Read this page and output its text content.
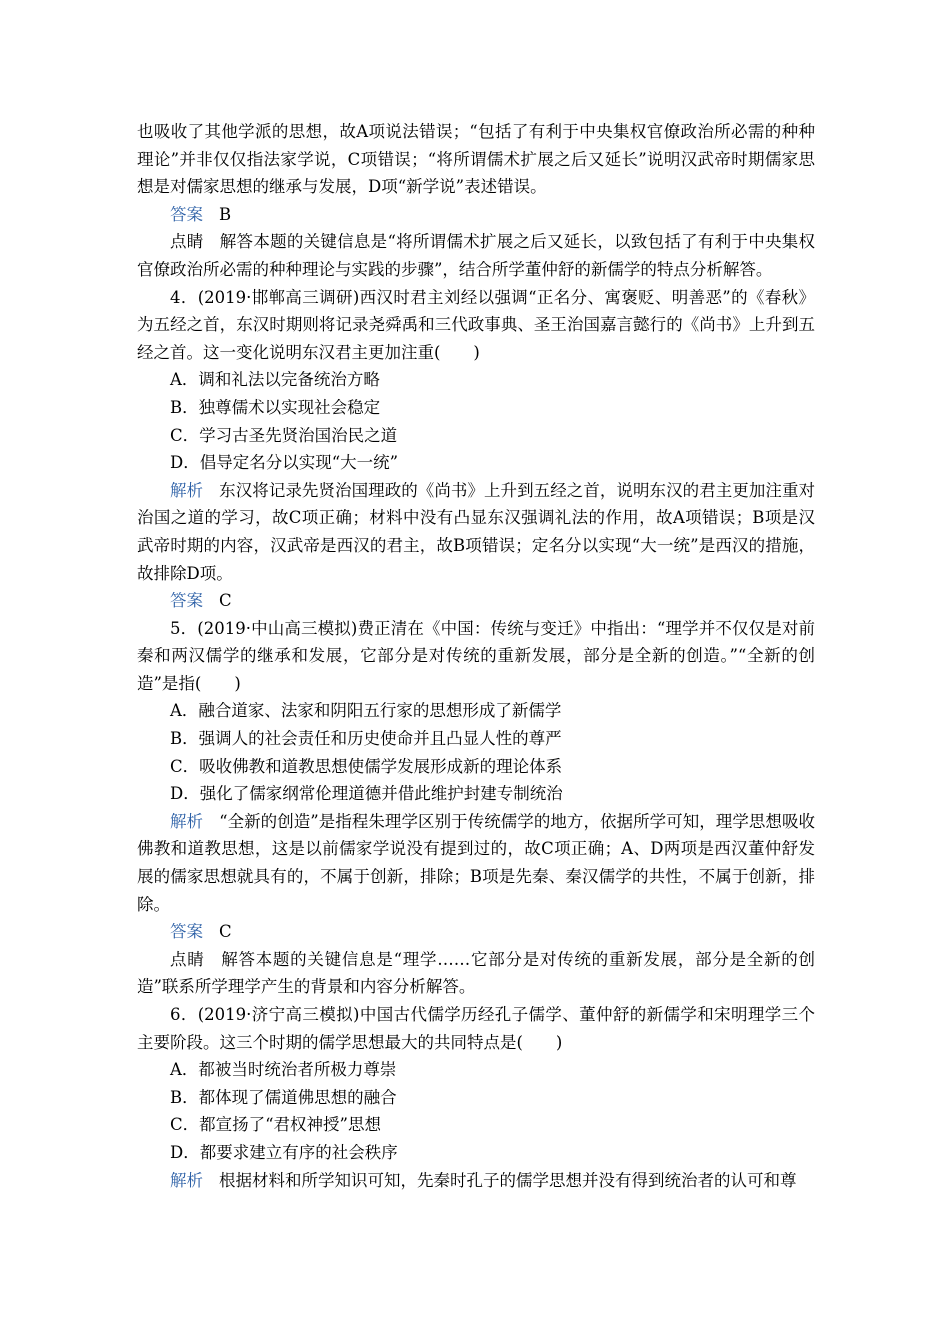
也吸收了其他学派的思想，故A项说法错误；“包括了有利于中央集权官僚政治所必需的种种理论”并非仅仅指法家学说，C项错误；“将所谓儒术扩展之后又延长”说明汉武帝时期儒家思想是对儒家思想的继承与发展，D项“新学说”表述错误。

答案 B

点睛 解答本题的关键信息是“将所谓儒术扩展之后又延长，以致包括了有利于中央集权官僚政治所必需的种种理论与实践的步骤”，结合所学董仲舒的新儒学的特点分析解答。

4．(2019·邯郸高三调研)西汉时君主刘经以强调“正名分、寓褒贬、明善恶”的《春秋》为五经之首，东汉时期则将记录尧舜禹和三代政事典、圣王治国嘉言懿行的《尚书》上升到五经之首。这一变化说明东汉君主更加注重(　　)

A．调和礼法以完备统治方略

B．独尊儒术以实现社会稳定

C．学习古圣先贤治国治民之道

D．倡导定名分以实现“大一统”

解析 东汉将记录先贤治国理政的《尚书》上升到五经之首，说明东汉的君主更加注重对治国之道的学习，故C项正确；材料中没有凸显东汉强调礼法的作用，故A项错误；B项是汉武帝时期的内容，汉武帝是西汉的君主，故B项错误；定名分以实现“大一统”是西汉的措施，故排除D项。

答案 C

5．(2019·中山高三模拟)费正清在《中国：传统与变迁》中指出：“理学并不仅仅是对前秦和两汉儒学的继承和发展，它部分是对传统的重新发展，部分是全新的创造。”“全新的创造”是指(　　)

A．融合道家、法家和阴阳五行家的思想形成了新儒学

B．强调人的社会责任和历史使命并且凸显人性的尊严

C．吸收佛教和道教思想使儒学发展形成新的理论体系

D．强化了儒家纲常伦理道德并借此维护封建专制统治

解析 “全新的创造”是指程朱理学区别于传统儒学的地方，依据所学可知，理学思想吸收佛教和道教思想，这是以前儒家学说没有提到过的，故C项正确；A、D两项是西汉董仲舒发展的儒家思想就具有的，不属于创新，排除；B项是先秦、秦汉儒学的共性，不属于创新，排除。

答案 C

点睛 解答本题的关键信息是“理学……它部分是对传统的重新发展，部分是全新的创造”联系所学理学产生的背景和内容分析解答。

6．(2019·济宁高三模拟)中国古代儒学历经孔子儒学、董仲舒的新儒学和宋明理学三个主要阶段。这三个时期的儒学思想最大的共同特点是(　　)

A．都被当时统治者所极力尊崇

B．都体现了儒道佛思想的融合

C．都宣扬了“君权神授”思想

D．都要求建立有序的社会秩序

解析 根据材料和所学知识可知，先秦时孔子的儒学思想并没有得到统治者的认可和尊
